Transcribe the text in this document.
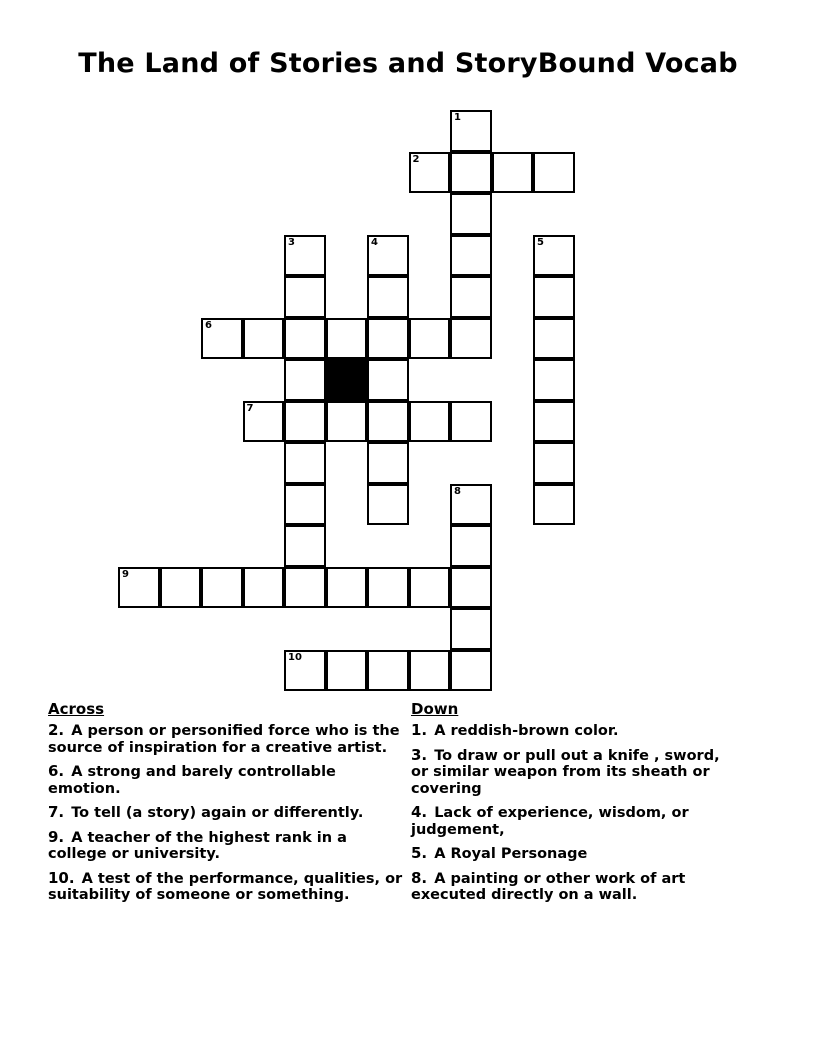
The Land of Stories and StoryBound Vocab
1
2
3	4	5
6
7
8
9
10
Across
2. A person or personified force who is the source of inspiration for a creative artist.
6. A strong and barely controllable emotion.
7. To tell (a story) again or differently.
9. A teacher of the highest rank in a college or university.
10. A test of the performance, qualities, or suitability of someone or something.
Down
1. A reddish-brown color.
3. To draw or pull out a knife , sword, or similar weapon from its sheath or covering
4. Lack of experience, wisdom, or judgement,
5. A Royal Personage
8. A painting or other work of art executed directly on a wall.
